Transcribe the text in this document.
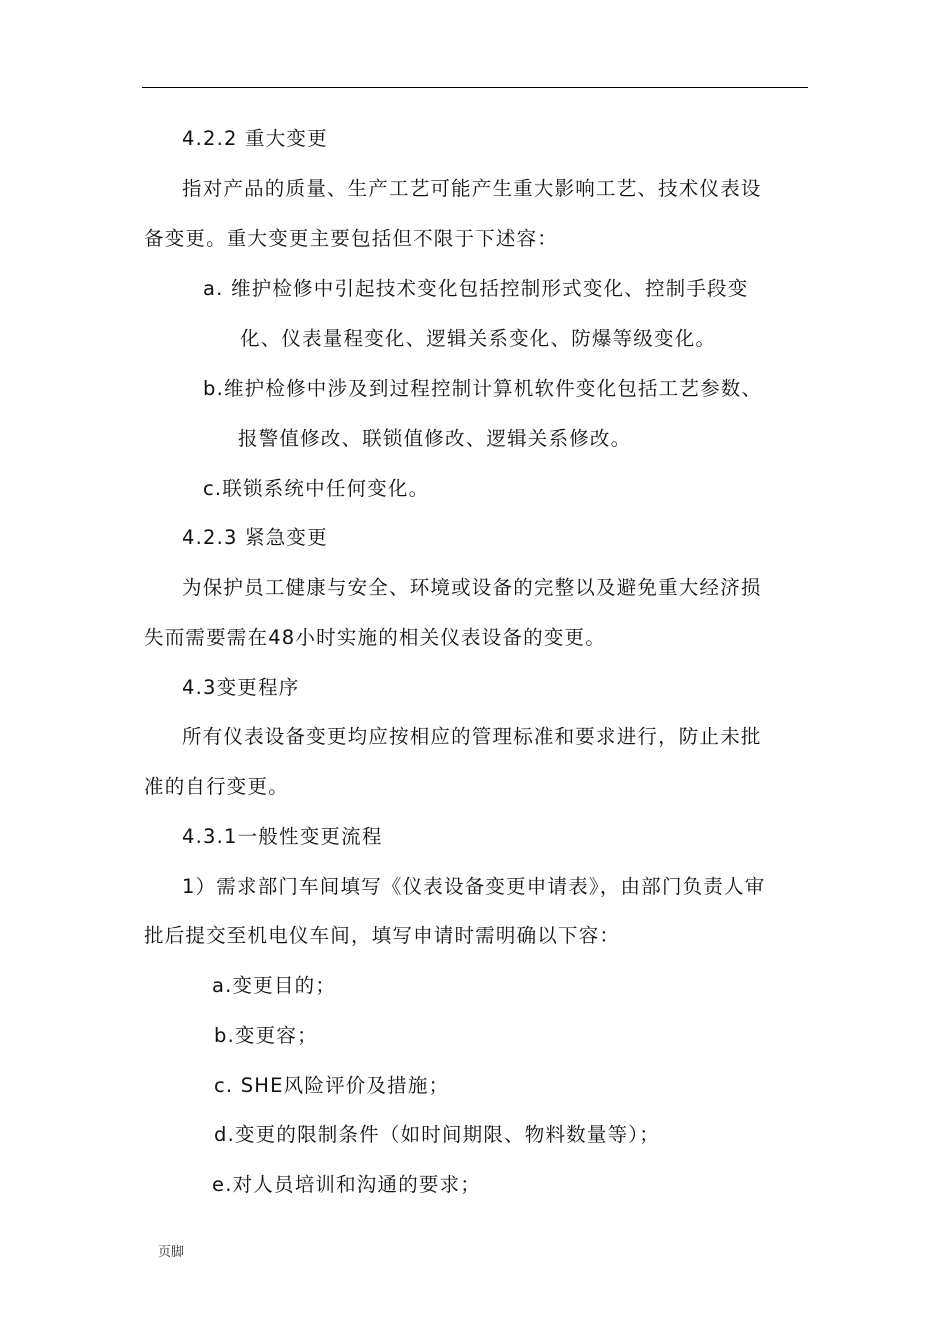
4.2.2 重大变更
指对产品的质量、生产工艺可能产生重大影响工艺、技术仪表设
备变更。重大变更主要包括但不限于下述容：
a. 维护检修中引起技术变化包括控制形式变化、控制手段变
化、仪表量程变化、逻辑关系变化、防爆等级变化。
b.维护检修中涉及到过程控制计算机软件变化包括工艺参数、
报警值修改、联锁值修改、逻辑关系修改。
c.联锁系统中任何变化。
4.2.3 紧急变更
为保护员工健康与安全、环境或设备的完整以及避免重大经济损
失而需要需在48小时实施的相关仪表设备的变更。
4.3变更程序
所有仪表设备变更均应按相应的管理标准和要求进行，防止未批
准的自行变更。
4.3.1一般性变更流程
1）需求部门车间填写《仪表设备变更申请表》，由部门负责人审
批后提交至机电仪车间，填写申请时需明确以下容：
a.变更目的；
b.变更容；
c. SHE风险评价及措施；
d.变更的限制条件（如时间期限、物料数量等）；
e.对人员培训和沟通的要求；
页脚
